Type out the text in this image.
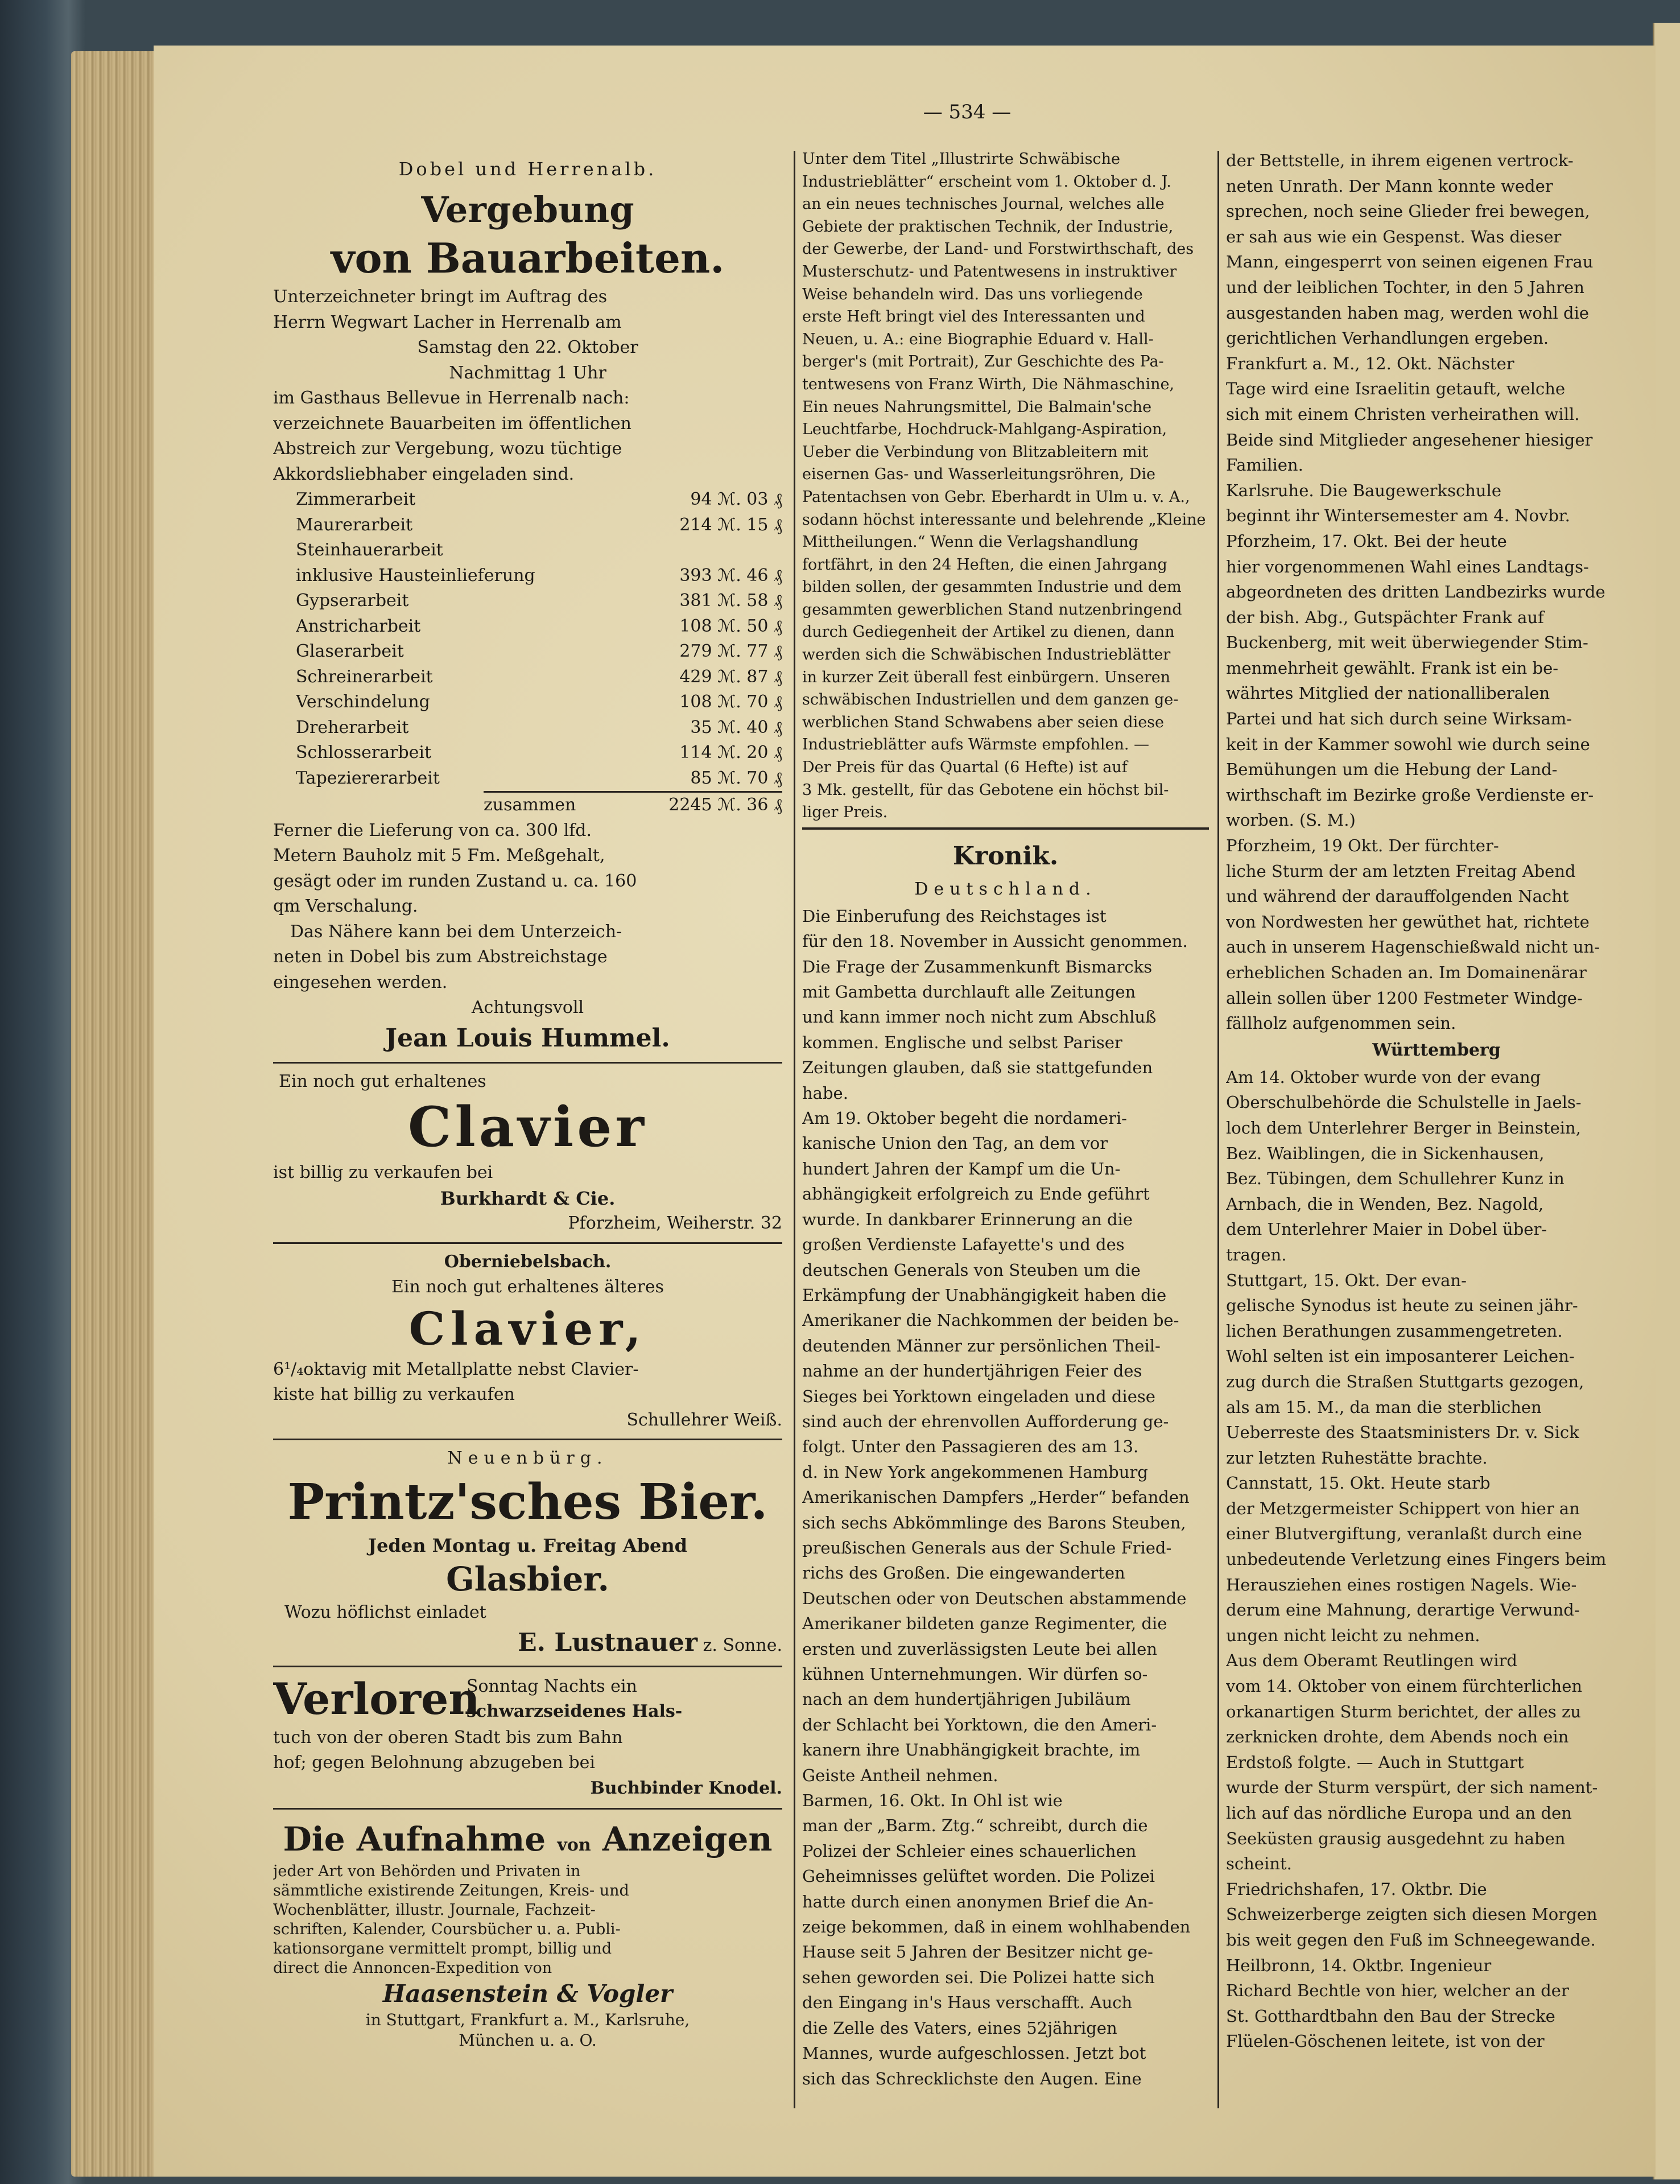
— 534 —
Dobel und Herrenalb.
Vergebung
von Bauarbeiten.
Unterzeichneter bringt im Auftrag des
Herrn Wegwart Lacher in Herrenalb am
Samstag den 22. Oktober
Nachmittag 1 Uhr
im Gasthaus Bellevue in Herrenalb nach:
verzeichnete Bauarbeiten im öffentlichen
Abstreich zur Vergebung, wozu tüchtige
Akkordsliebhaber eingeladen sind.
Zimmerarbeit	94 ℳ. 03 ₰
Maurerarbeit	214 ℳ. 15 ₰
Steinhauerarbeit
inklusive Hausteinlieferung	393 ℳ. 46 ₰
Gypserarbeit	381 ℳ. 58 ₰
Anstricharbeit	108 ℳ. 50 ₰
Glaserarbeit	279 ℳ. 77 ₰
Schreinerarbeit	429 ℳ. 87 ₰
Verschindelung	108 ℳ. 70 ₰
Dreherarbeit	35 ℳ. 40 ₰
Schlosserarbeit	114 ℳ. 20 ₰
Tapeziererarbeit	85 ℳ. 70 ₰
zusammen	2245 ℳ. 36 ₰
Ferner die Lieferung von ca. 300 lfd.
Metern Bauholz mit 5 Fm. Meßgehalt,
gesägt oder im runden Zustand u. ca. 160
qm Verschalung.
Das Nähere kann bei dem Unterzeich-
neten in Dobel bis zum Abstreichstage
eingesehen werden.
Achtungsvoll
Jean Louis Hummel.
Ein noch gut erhaltenes
Clavier
ist billig zu verkaufen bei
Burkhardt & Cie.
Pforzheim, Weiherstr. 32
Oberniebelsbach.
Ein noch gut erhaltenes älteres
Clavier,
6¹/₄oktavig mit Metallplatte nebst Clavier-
kiste hat billig zu verkaufen
Schullehrer Weiß.
Neuenbürg.
Printz'sches Bier.
Jeden Montag u. Freitag Abend
Glasbier.
Wozu höflichst einladet
E. Lustnauer z. Sonne.
Verloren
Sonntag Nachts ein
schwarzseidenes Hals-
tuch von der oberen Stadt bis zum Bahn
hof; gegen Belohnung abzugeben bei
Buchbinder Knodel.
Die Aufnahme von Anzeigen
jeder Art von Behörden und Privaten in
sämmtliche existirende Zeitungen, Kreis- und
Wochenblätter, illustr. Journale, Fachzeit-
schriften, Kalender, Coursbücher u. a. Publi-
kationsorgane vermittelt prompt, billig und
direct die Annoncen-Expedition von
Haasenstein & Vogler
in Stuttgart, Frankfurt a. M., Karlsruhe,
München u. a. O.
Unter dem Titel „Illustrirte Schwäbische
Industrieblätter“ erscheint vom 1. Oktober d. J.
an ein neues technisches Journal, welches alle
Gebiete der praktischen Technik, der Industrie,
der Gewerbe, der Land- und Forstwirthschaft, des
Musterschutz- und Patentwesens in instruktiver
Weise behandeln wird. Das uns vorliegende
erste Heft bringt viel des Interessanten und
Neuen, u. A.: eine Biographie Eduard v. Hall-
berger's (mit Portrait), Zur Geschichte des Pa-
tentwesens von Franz Wirth, Die Nähmaschine,
Ein neues Nahrungsmittel, Die Balmain'sche
Leuchtfarbe, Hochdruck-Mahlgang-Aspiration,
Ueber die Verbindung von Blitzableitern mit
eisernen Gas- und Wasserleitungsröhren, Die
Patentachsen von Gebr. Eberhardt in Ulm u. v. A.,
sodann höchst interessante und belehrende „Kleine
Mittheilungen.“ Wenn die Verlagshandlung
fortfährt, in den 24 Heften, die einen Jahrgang
bilden sollen, der gesammten Industrie und dem
gesammten gewerblichen Stand nutzenbringend
durch Gediegenheit der Artikel zu dienen, dann
werden sich die Schwäbischen Industrieblätter
in kurzer Zeit überall fest einbürgern. Unseren
schwäbischen Industriellen und dem ganzen ge-
werblichen Stand Schwabens aber seien diese
Industrieblätter aufs Wärmste empfohlen. —
Der Preis für das Quartal (6 Hefte) ist auf
3 Mk. gestellt, für das Gebotene ein höchst bil-
liger Preis.
Kronik.
Deutschland.
Die Einberufung des Reichstages ist
für den 18. November in Aussicht genommen.
Die Frage der Zusammenkunft Bismarcks
mit Gambetta durchlauft alle Zeitungen
und kann immer noch nicht zum Abschluß
kommen. Englische und selbst Pariser
Zeitungen glauben, daß sie stattgefunden
habe.
Am 19. Oktober begeht die nordameri-
kanische Union den Tag, an dem vor
hundert Jahren der Kampf um die Un-
abhängigkeit erfolgreich zu Ende geführt
wurde. In dankbarer Erinnerung an die
großen Verdienste Lafayette's und des
deutschen Generals von Steuben um die
Erkämpfung der Unabhängigkeit haben die
Amerikaner die Nachkommen der beiden be-
deutenden Männer zur persönlichen Theil-
nahme an der hundertjährigen Feier des
Sieges bei Yorktown eingeladen und diese
sind auch der ehrenvollen Aufforderung ge-
folgt. Unter den Passagieren des am 13.
d. in New York angekommenen Hamburg
Amerikanischen Dampfers „Herder“ befanden
sich sechs Abkömmlinge des Barons Steuben,
preußischen Generals aus der Schule Fried-
richs des Großen. Die eingewanderten
Deutschen oder von Deutschen abstammende
Amerikaner bildeten ganze Regimenter, die
ersten und zuverlässigsten Leute bei allen
kühnen Unternehmungen. Wir dürfen so-
nach an dem hundertjährigen Jubiläum
der Schlacht bei Yorktown, die den Ameri-
kanern ihre Unabhängigkeit brachte, im
Geiste Antheil nehmen.
Barmen, 16. Okt. In Ohl ist wie
man der „Barm. Ztg.“ schreibt, durch die
Polizei der Schleier eines schauerlichen
Geheimnisses gelüftet worden. Die Polizei
hatte durch einen anonymen Brief die An-
zeige bekommen, daß in einem wohlhabenden
Hause seit 5 Jahren der Besitzer nicht ge-
sehen geworden sei. Die Polizei hatte sich
den Eingang in's Haus verschafft. Auch
die Zelle des Vaters, eines 52jährigen
Mannes, wurde aufgeschlossen. Jetzt bot
sich das Schrecklichste den Augen. Eine
der Bettstelle, in ihrem eigenen vertrock-
neten Unrath. Der Mann konnte weder
sprechen, noch seine Glieder frei bewegen,
er sah aus wie ein Gespenst. Was dieser
Mann, eingesperrt von seinen eigenen Frau
und der leiblichen Tochter, in den 5 Jahren
ausgestanden haben mag, werden wohl die
gerichtlichen Verhandlungen ergeben.
Frankfurt a. M., 12. Okt. Nächster
Tage wird eine Israelitin getauft, welche
sich mit einem Christen verheirathen will.
Beide sind Mitglieder angesehener hiesiger
Familien.
Karlsruhe. Die Baugewerkschule
beginnt ihr Wintersemester am 4. Novbr.
Pforzheim, 17. Okt. Bei der heute
hier vorgenommenen Wahl eines Landtags-
abgeordneten des dritten Landbezirks wurde
der bish. Abg., Gutspächter Frank auf
Buckenberg, mit weit überwiegender Stim-
menmehrheit gewählt. Frank ist ein be-
währtes Mitglied der nationalliberalen
Partei und hat sich durch seine Wirksam-
keit in der Kammer sowohl wie durch seine
Bemühungen um die Hebung der Land-
wirthschaft im Bezirke große Verdienste er-
worben. (S. M.)
Pforzheim, 19 Okt. Der fürchter-
liche Sturm der am letzten Freitag Abend
und während der darauffolgenden Nacht
von Nordwesten her gewüthet hat, richtete
auch in unserem Hagenschießwald nicht un-
erheblichen Schaden an. Im Domainenärar
allein sollen über 1200 Festmeter Windge-
fällholz aufgenommen sein.
Württemberg
Am 14. Oktober wurde von der evang
Oberschulbehörde die Schulstelle in Jaels-
loch dem Unterlehrer Berger in Beinstein,
Bez. Waiblingen, die in Sickenhausen,
Bez. Tübingen, dem Schullehrer Kunz in
Arnbach, die in Wenden, Bez. Nagold,
dem Unterlehrer Maier in Dobel über-
tragen.
Stuttgart, 15. Okt. Der evan-
gelische Synodus ist heute zu seinen jähr-
lichen Berathungen zusammengetreten.
Wohl selten ist ein imposanterer Leichen-
zug durch die Straßen Stuttgarts gezogen,
als am 15. M., da man die sterblichen
Ueberreste des Staatsministers Dr. v. Sick
zur letzten Ruhestätte brachte.
Cannstatt, 15. Okt. Heute starb
der Metzgermeister Schippert von hier an
einer Blutvergiftung, veranlaßt durch eine
unbedeutende Verletzung eines Fingers beim
Herausziehen eines rostigen Nagels. Wie-
derum eine Mahnung, derartige Verwund-
ungen nicht leicht zu nehmen.
Aus dem Oberamt Reutlingen wird
vom 14. Oktober von einem fürchterlichen
orkanartigen Sturm berichtet, der alles zu
zerknicken drohte, dem Abends noch ein
Erdstoß folgte. — Auch in Stuttgart
wurde der Sturm verspürt, der sich nament-
lich auf das nördliche Europa und an den
Seeküsten grausig ausgedehnt zu haben
scheint.
Friedrichshafen, 17. Oktbr. Die
Schweizerberge zeigten sich diesen Morgen
bis weit gegen den Fuß im Schneegewande.
Heilbronn, 14. Oktbr. Ingenieur
Richard Bechtle von hier, welcher an der
St. Gotthardtbahn den Bau der Strecke
Flüelen-Göschenen leitete, ist von der
